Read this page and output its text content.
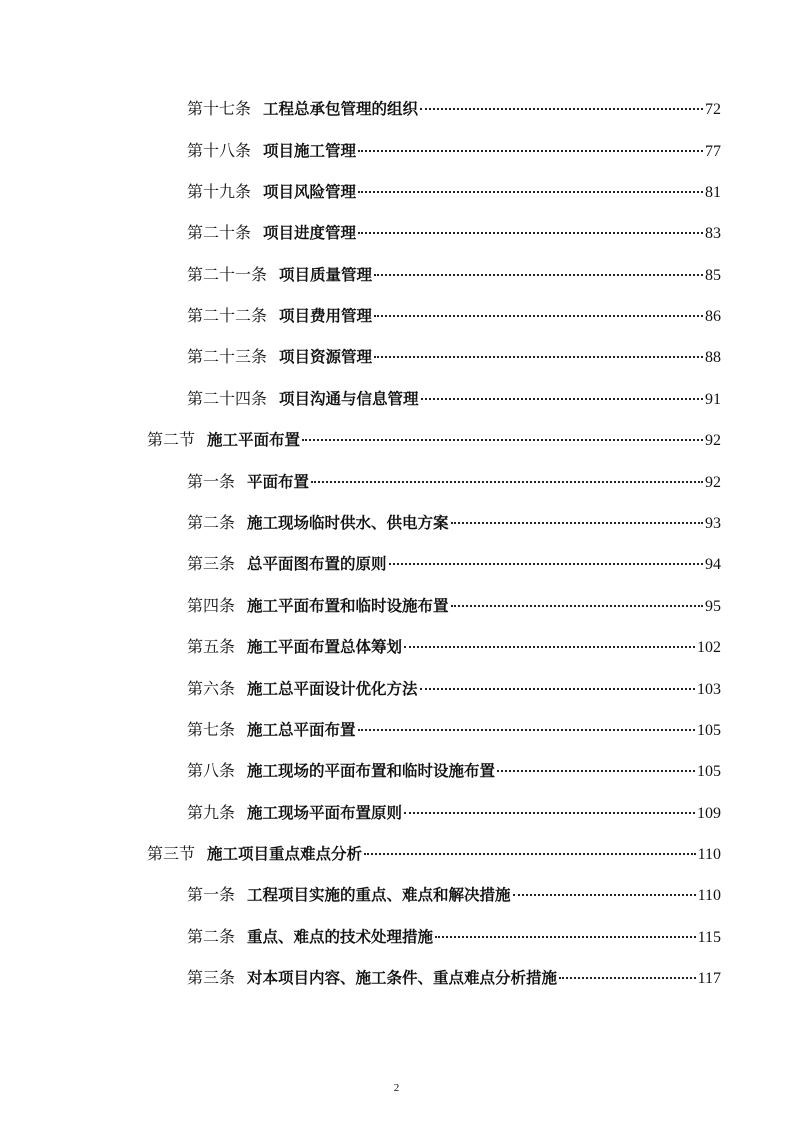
第十七条 工程总承包管理的组织	72
第十八条 项目施工管理	77
第十九条 项目风险管理	81
第二十条 项目进度管理	83
第二十一条 项目质量管理	85
第二十二条 项目费用管理	86
第二十三条 项目资源管理	88
第二十四条 项目沟通与信息管理	91
第二节 施工平面布置	92
第一条 平面布置	92
第二条 施工现场临时供水、供电方案	93
第三条 总平面图布置的原则	94
第四条 施工平面布置和临时设施布置	95
第五条 施工平面布置总体筹划	102
第六条 施工总平面设计优化方法	103
第七条 施工总平面布置	105
第八条 施工现场的平面布置和临时设施布置	105
第九条 施工现场平面布置原则	109
第三节 施工项目重点难点分析	110
第一条 工程项目实施的重点、难点和解决措施	110
第二条 重点、难点的技术处理措施	115
第三条 对本项目内容、施工条件、重点难点分析措施	117
2
